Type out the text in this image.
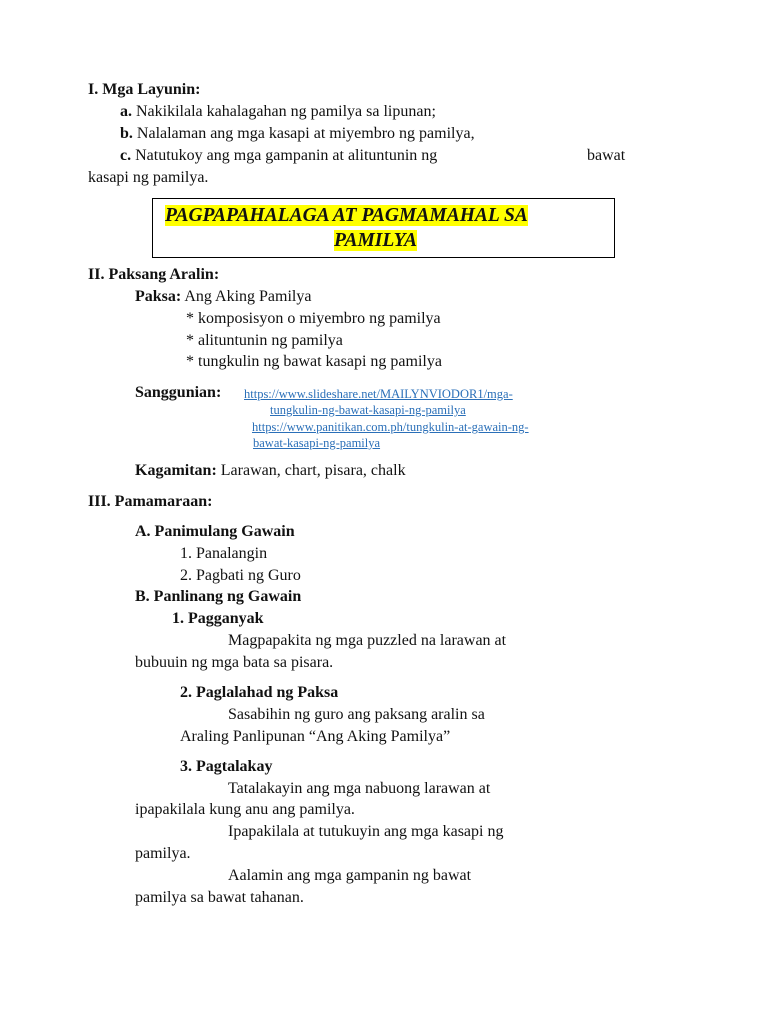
I. Mga Layunin:
a. Nakikilala kahalagahan ng pamilya sa lipunan;
b. Nalalaman ang mga kasapi at miyembro ng pamilya,
c. Natutukoy ang mga gampanin at alituntunin ng	bawat
kasapi ng pamilya.
PAGPAPAHALAGA AT PAGMAMAHAL SA
PAMILYA
II. Paksang Aralin:
Paksa: Ang Aking Pamilya
* komposisyon o miyembro ng pamilya
* alituntunin ng pamilya
* tungkulin ng bawat kasapi ng pamilya
Sanggunian: https://www.slideshare.net/MAILYNVIODOR1/mga-
tungkulin-ng-bawat-kasapi-ng-pamilya
https://www.panitikan.com.ph/tungkulin-at-gawain-ng-
bawat-kasapi-ng-pamilya
Kagamitan: Larawan, chart, pisara, chalk
III. Pamamaraan:
A. Panimulang Gawain
1. Panalangin
2. Pagbati ng Guro
B. Panlinang ng Gawain
1. Pagganyak
Magpapakita ng mga puzzled na larawan at
bubuuin ng mga bata sa pisara.
2. Paglalahad ng Paksa
Sasabihin ng guro ang paksang aralin sa
Araling Panlipunan “Ang Aking Pamilya”
3. Pagtalakay
Tatalakayin ang mga nabuong larawan at
ipapakilala kung anu ang pamilya.
Ipapakilala at tutukuyin ang mga kasapi ng
pamilya.
Aalamin ang mga gampanin ng bawat
pamilya sa bawat tahanan.
